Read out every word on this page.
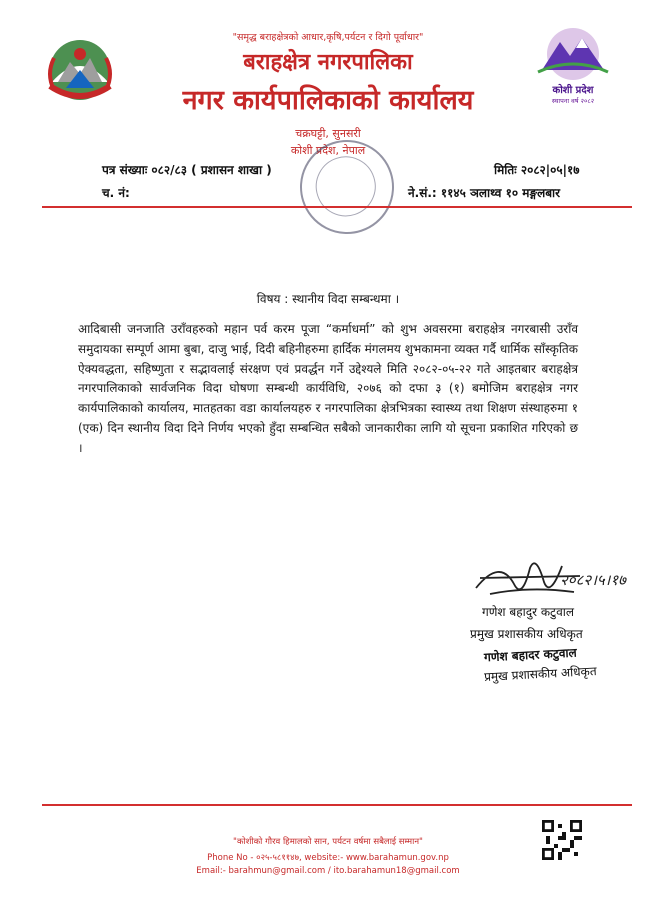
कोशी प्रदेश
स्थापना वर्ष २०८२
"समृद्ध बराहक्षेत्रको आधार,कृषि,पर्यटन र दिगो पूर्वाधार"
बराहक्षेत्र नगरपालिका
नगर कार्यपालिकाको कार्यालय
चक्रघट्टी, सुनसरी
कोशी प्रदेश, नेपाल
पत्र संख्याः ०८२/८३ ( प्रशासन शाखा )
च. नं:
मितिः २०८२|०५|१७
ने.सं.: ११४५ ञलाथ्व १० मङ्गलबार
विषय : स्थानीय विदा सम्बन्धमा ।
आदिबासी जनजाति उराँवहरुको महान पर्व करम पूजा “कर्माधर्मा” को शुभ अवसरमा बराहक्षेत्र नगरबासी उराँव समुदायका सम्पूर्ण आमा बुबा, दाजु भाई, दिदी बहिनीहरुमा हार्दिक मंगलमय शुभकामना व्यक्त गर्दै धार्मिक साँस्कृतिक ऐक्यवद्धता, सहिष्णुता र सद्भावलाई संरक्षण एवं प्रवर्द्धन गर्ने उद्देश्यले मिति २०८२-०५-२२ गते आइतबार बराहक्षेत्र नगरपालिकाको सार्वजनिक विदा घोषणा सम्बन्धी कार्यविधि, २०७६ को दफा ३ (१) बमोजिम बराहक्षेत्र नगर कार्यपालिकाको कार्यालय, मातहतका वडा कार्यालयहरु र नगरपालिका क्षेत्रभित्रका स्वास्थ्य तथा शिक्षण संस्थाहरुमा १ (एक) दिन स्थानीय विदा दिने निर्णय भएको हुँदा सम्बन्धित सबैको जानकारीका लागि यो सूचना प्रकाशित गरिएको छ ।
२०८२।५।१७
गणेश बहादुर कटुवाल
प्रमुख प्रशासकीय अधिकृत
गणेश बहादर कटुवाल
प्रमुख प्रशासकीय अधिकृत
"कोशीको गौरव हिमालको सान, पर्यटन वर्षमा सबैलाई सम्मान"
Phone No - ०२५-५८११४७, website:- www.barahamun.gov.np
Email:- barahmun@gmail.com / ito.barahamun18@gmail.com
